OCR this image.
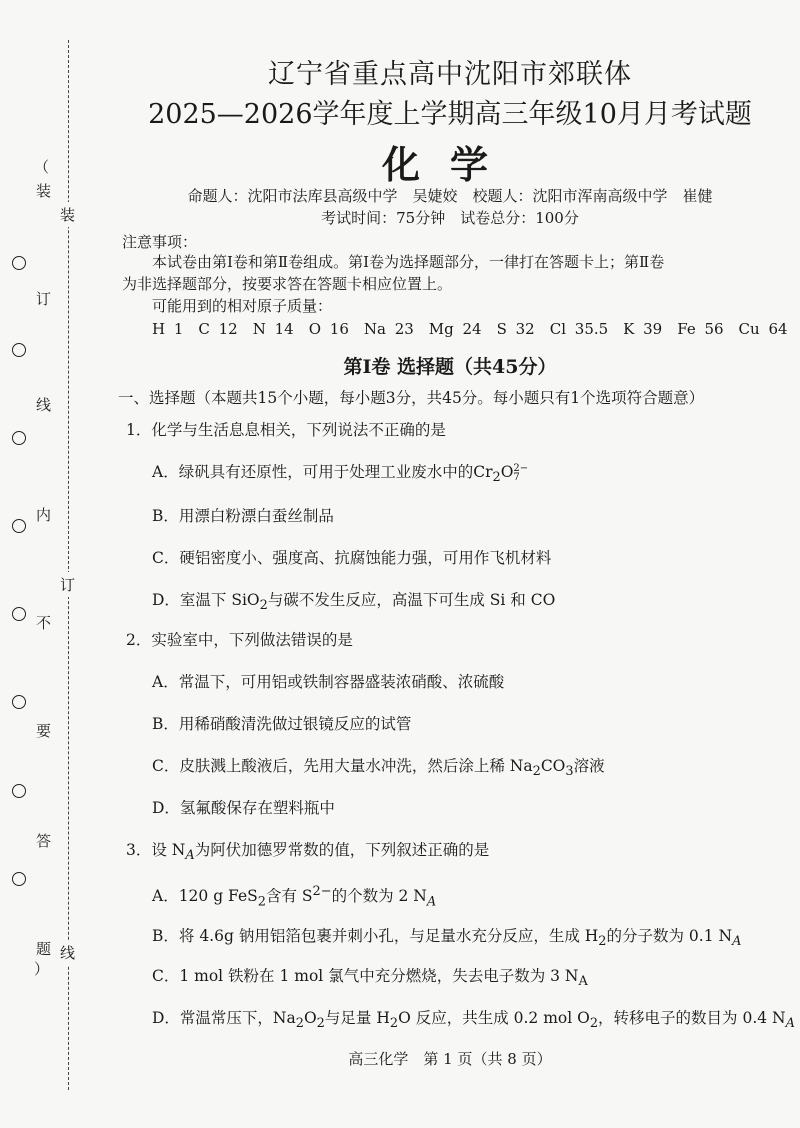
（
装
订
线
内
不
要
答
题
）
装
订
线
辽宁省重点高中沈阳市郊联体
2025—2026学年度上学期高三年级10月月考试题
化学
命题人：沈阳市法库县高级中学　吴婕姣　校题人：沈阳市浑南高级中学　崔健
考试时间：75分钟　试卷总分：100分
注意事项：
本试卷由第Ⅰ卷和第Ⅱ卷组成。第Ⅰ卷为选择题部分，一律打在答题卡上；第Ⅱ卷
为非选择题部分，按要求答在答题卡相应位置上。
可能用到的相对原子质量：
H 1　C 12　N 14　O 16　Na 23　Mg 24　S 32　Cl 35.5　K 39　Fe 56　Cu 64
第Ⅰ卷 选择题（共45分）
一、选择题（本题共15个小题，每小题3分，共45分。每小题只有1个选项符合题意）
1．化学与生活息息相关，下列说法不正确的是
A．绿矾具有还原性，可用于处理工业废水中的$Cr_2O$ 2−
7
B．用漂白粉漂白蚕丝制品
C．硬铝密度小、强度高、抗腐蚀能力强，可用作飞机材料
D．室温下 SiO$_2$与碳不发生反应，高温下可生成 Si 和 CO
2．实验室中，下列做法错误的是
A．常温下，可用铝或铁制容器盛装浓硝酸、浓硫酸
B．用稀硝酸清洗做过银镜反应的试管
C．皮肤溅上酸液后，先用大量水冲洗，然后涂上稀 $Na_2CO_3$溶液
D．氢氟酸保存在塑料瓶中
3．设 $N_A$为阿伏加德罗常数的值，下列叙述正确的是
A．120 g FeS$_2$含有 $S^{2-}$的个数为 2 $N_A$
B．将 4.6g 钠用铝箔包裹并刺小孔，与足量水充分反应，生成 $H_2$的分子数为 0.1 $N_A$
C．1 mol 铁粉在 1 mol 氯气中充分燃烧，失去电子数为 3 $N_A$
D．常温常压下，$Na_2O_2$与足量 $H_2O$ 反应，共生成 0.2 mol $O_2$，转移电子的数目为 0.4 $N_A$
高三化学　第 1 页（共 8 页）
